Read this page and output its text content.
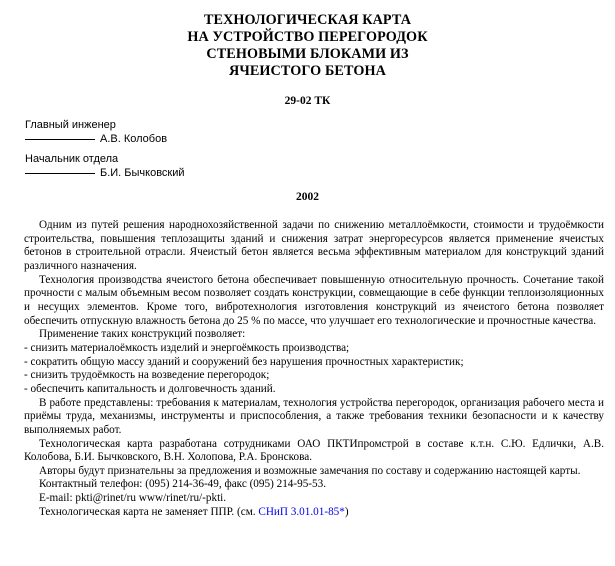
ТЕХНОЛОГИЧЕСКАЯ КАРТА
НА УСТРОЙСТВО ПЕРЕГОРОДОК
СТЕНОВЫМИ БЛОКАМИ ИЗ
ЯЧЕИСТОГО БЕТОНА
29-02 ТК
Главный инженер
А.В. Колобов
Начальник отдела
Б.И. Бычковский
2002

Одним из путей решения народнохозяйственной задачи по снижению металлоёмкости, стоимости и трудоёмкости строительства, повышения теплозащиты зданий и снижения затрат энергоресурсов является применение ячеистых бетонов в строительной отрасли. Ячеистый бетон является весьма эффективным материалом для конструкций зданий различного назначения.

Технология производства ячеистого бетона обеспечивает повышенную относительную прочность. Сочетание такой прочности с малым объемным весом позволяет создать конструкции, совмещающие в себе функции теплоизоляционных и несущих элементов. Кроме того, вибротехнология изготовления конструкций из ячеистого бетона позволяет обеспечить отпускную влажность бетона до 25 % по массе, что улучшает его технологические и прочностные качества.

Применение таких конструкций позволяет:

- снизить материалоёмкость изделий и энергоёмкость производства;
- сократить общую массу зданий и сооружений без нарушения прочностных характеристик;
- снизить трудоёмкость на возведение перегородок;
- обеспечить капитальность и долговечность зданий.

В работе представлены: требования к материалам, технология устройства перегородок, организация рабочего места и приёмы труда, механизмы, инструменты и приспособления, а также требования техники безопасности и к качеству выполняемых работ.

Технологическая карта разработана сотрудниками ОАО ПКТИпромстрой в составе к.т.н. С.Ю. Едлички, А.В. Колобова, Б.И. Бычковского, В.Н. Холопова, Р.А. Бронскова.

Авторы будут признательны за предложения и возможные замечания по составу и содержанию настоящей карты.

Контактный телефон: (095) 214-36-49, факс (095) 214-95-53.

E-mail: pkti@rinet/ru www/rinet/ru/-pkti.

Технологическая карта не заменяет ППР. (см. СНиП 3.01.01-85*)
